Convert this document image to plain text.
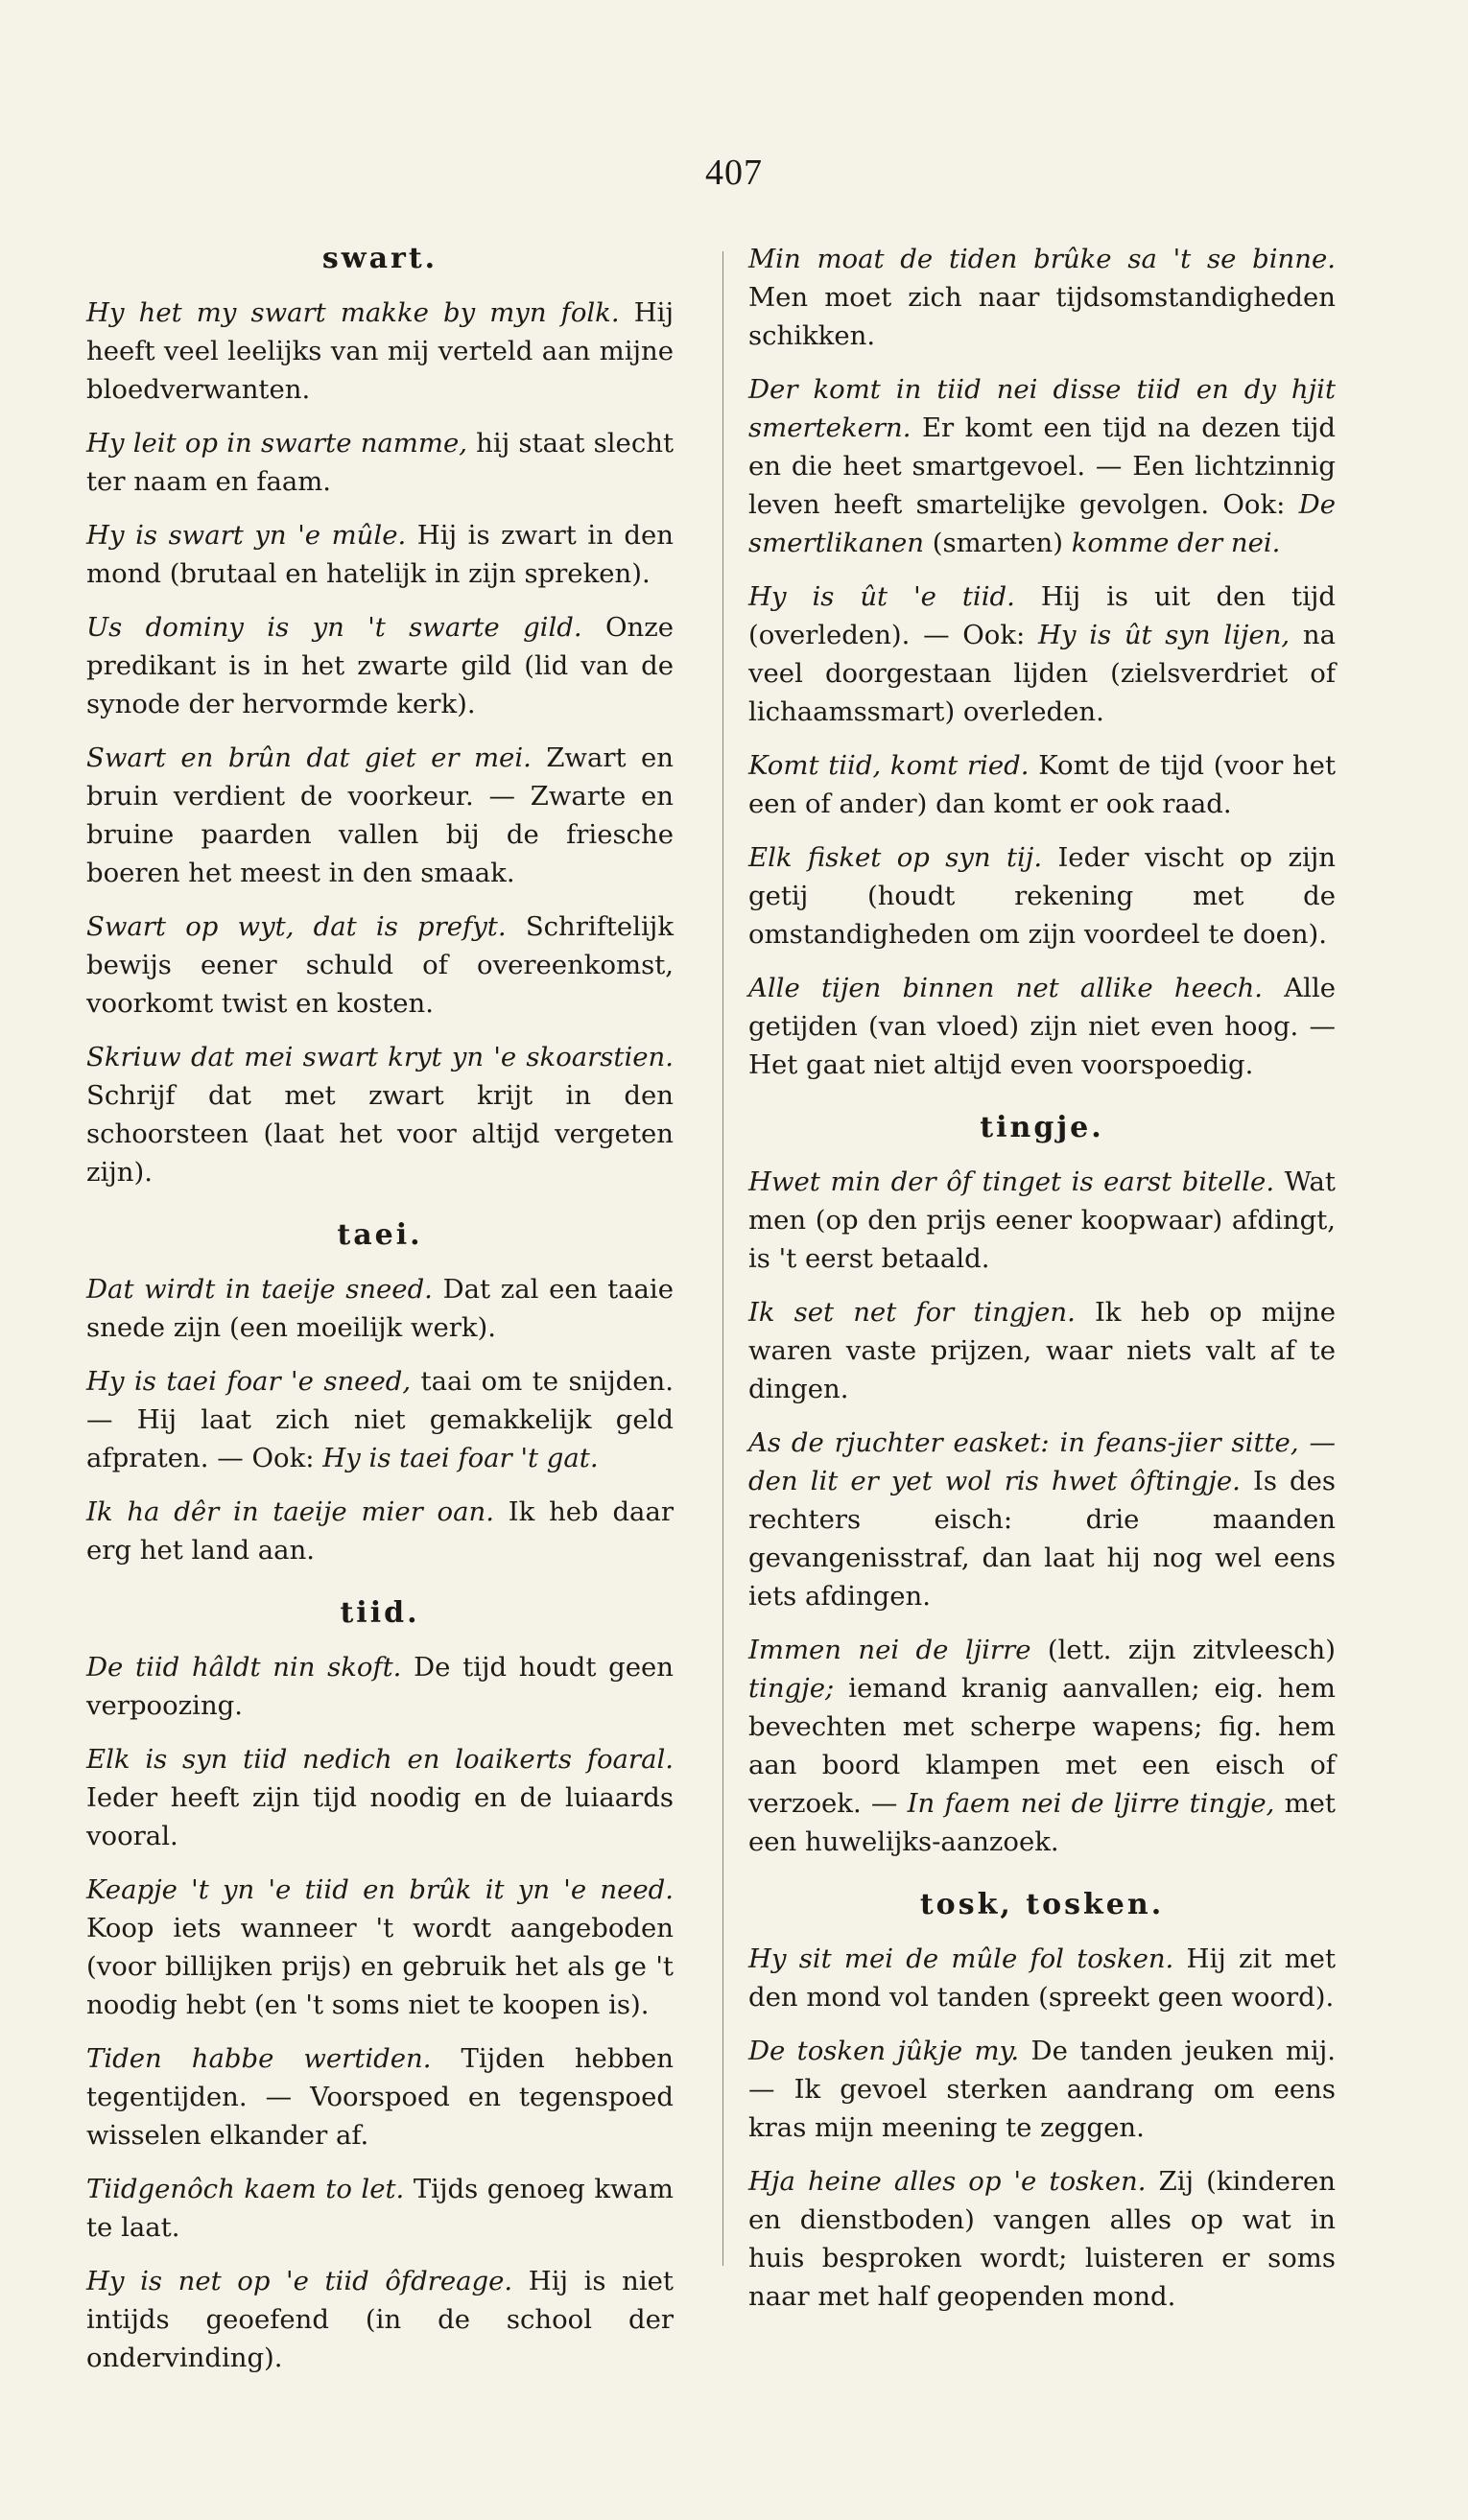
407
swart.

Hy het my swart makke by myn folk. Hij heeft veel leelijks van mij verteld aan mijne bloedverwanten.

Hy leit op in swarte namme, hij staat slecht ter naam en faam.

Hy is swart yn 'e mûle. Hij is zwart in den mond (brutaal en hatelijk in zijn spreken).

Us dominy is yn 't swarte gild. Onze predikant is in het zwarte gild (lid van de synode der hervormde kerk).

Swart en brûn dat giet er mei. Zwart en bruin verdient de voorkeur. — Zwarte en bruine paarden vallen bij de friesche boeren het meest in den smaak.

Swart op wyt, dat is prefyt. Schriftelijk bewijs eener schuld of overeenkomst, voorkomt twist en kosten.

Skriuw dat mei swart kryt yn 'e skoarstien. Schrijf dat met zwart krijt in den schoorsteen (laat het voor altijd vergeten zijn).

taei.

Dat wirdt in taeije sneed. Dat zal een taaie snede zijn (een moeilijk werk).

Hy is taei foar 'e sneed, taai om te snijden. — Hij laat zich niet gemakkelijk geld afpraten. — Ook: Hy is taei foar 't gat.

Ik ha dêr in taeije mier oan. Ik heb daar erg het land aan.

tiid.

De tiid hâldt nin skoft. De tijd houdt geen verpoozing.

Elk is syn tiid nedich en loaikerts foaral. Ieder heeft zijn tijd noodig en de luiaards vooral.

Keapje 't yn 'e tiid en brûk it yn 'e need. Koop iets wanneer 't wordt aangeboden (voor billijken prijs) en gebruik het als ge 't noodig hebt (en 't soms niet te koopen is).

Tiden habbe wertiden. Tijden hebben tegentijden. — Voorspoed en tegenspoed wisselen elkander af.

Tiidgenôch kaem to let. Tijds genoeg kwam te laat.

Hy is net op 'e tiid ôfdreage. Hij is niet intijds geoefend (in de school der ondervinding).

Min moat de tiden brûke sa 't se binne. Men moet zich naar tijdsomstandigheden schikken.

Der komt in tiid nei disse tiid en dy hjit smertekern. Er komt een tijd na dezen tijd en die heet smartgevoel. — Een lichtzinnig leven heeft smartelijke gevolgen. Ook: De smertlikanen (smarten) komme der nei.

Hy is ût 'e tiid. Hij is uit den tijd (overleden). — Ook: Hy is ût syn lijen, na veel doorgestaan lijden (zielsverdriet of lichaamssmart) overleden.

Komt tiid, komt ried. Komt de tijd (voor het een of ander) dan komt er ook raad.

Elk fisket op syn tij. Ieder vischt op zijn getij (houdt rekening met de omstandigheden om zijn voordeel te doen).

Alle tijen binnen net allike heech. Alle getijden (van vloed) zijn niet even hoog. — Het gaat niet altijd even voorspoedig.

tingje.

Hwet min der ôf tinget is earst bitelle. Wat men (op den prijs eener koopwaar) afdingt, is 't eerst betaald.

Ik set net for tingjen. Ik heb op mijne waren vaste prijzen, waar niets valt af te dingen.

As de rjuchter easket: in feans-jier sitte, — den lit er yet wol ris hwet ôftingje. Is des rechters eisch: drie maanden gevangenisstraf, dan laat hij nog wel eens iets afdingen.

Immen nei de ljirre (lett. zijn zitvleesch) tingje; iemand kranig aanvallen; eig. hem bevechten met scherpe wapens; fig. hem aan boord klampen met een eisch of verzoek. — In faem nei de ljirre tingje, met een huwelijks-aanzoek.

tosk, tosken.

Hy sit mei de mûle fol tosken. Hij zit met den mond vol tanden (spreekt geen woord).

De tosken jûkje my. De tanden jeuken mij. — Ik gevoel sterken aandrang om eens kras mijn meening te zeggen.

Hja heine alles op 'e tosken. Zij (kinderen en dienstboden) vangen alles op wat in huis besproken wordt; luisteren er soms naar met half geopenden mond.
